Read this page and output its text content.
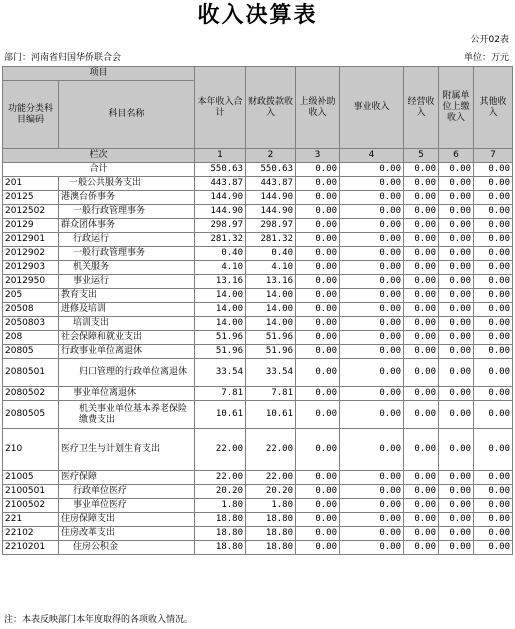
收入决算表
公开02表
部门：河南省归国华侨联合会	单位：万元
项目		本年收入合计	财政拨款收入	上级补助收入	事业收入	经营收入	附属单位上缴收入	其他收入
功能分类科目编码	科目名称							
栏次		1	2	3	4	5	6	7
合计		550.63	550.63	0.00	0.00	0.00	0.00	0.00
201	一般公共服务支出	443.87	443.87	0.00	0.00	0.00	0.00	0.00
20125	港澳台侨事务	144.90	144.90	0.00	0.00	0.00	0.00	0.00
2012502	一般行政管理事务	144.90	144.90	0.00	0.00	0.00	0.00	0.00
20129	群众团体事务	298.97	298.97	0.00	0.00	0.00	0.00	0.00
2012901	行政运行	281.32	281.32	0.00	0.00	0.00	0.00	0.00
2012902	一般行政管理事务	0.40	0.40	0.00	0.00	0.00	0.00	0.00
2012903	机关服务	4.10	4.10	0.00	0.00	0.00	0.00	0.00
2012950	事业运行	13.16	13.16	0.00	0.00	0.00	0.00	0.00
205	教育支出	14.00	14.00	0.00	0.00	0.00	0.00	0.00
20508	进修及培训	14.00	14.00	0.00	0.00	0.00	0.00	0.00
2050803	培训支出	14.00	14.00	0.00	0.00	0.00	0.00	0.00
208	社会保障和就业支出	51.96	51.96	0.00	0.00	0.00	0.00	0.00
20805	行政事业单位离退休	51.96	51.96	0.00	0.00	0.00	0.00	0.00
2080501	归口管理的行政单位离退休	33.54	33.54	0.00	0.00	0.00	0.00	0.00
2080502	事业单位离退休	7.81	7.81	0.00	0.00	0.00	0.00	0.00
2080505	机关事业单位基本养老保险缴费支出	10.61	10.61	0.00	0.00	0.00	0.00	0.00
210	医疗卫生与计划生育支出	22.00	22.00	0.00	0.00	0.00	0.00	0.00
21005	医疗保障	22.00	22.00	0.00	0.00	0.00	0.00	0.00
2100501	行政单位医疗	20.20	20.20	0.00	0.00	0.00	0.00	0.00
2100502	事业单位医疗	1.80	1.80	0.00	0.00	0.00	0.00	0.00
221	住房保障支出	18.80	18.80	0.00	0.00	0.00	0.00	0.00
22102	住房改革支出	18.80	18.80	0.00	0.00	0.00	0.00	0.00
2210201	住房公积金	18.80	18.80	0.00	0.00	0.00	0.00	0.00
注：本表反映部门本年度取得的各项收入情况。
